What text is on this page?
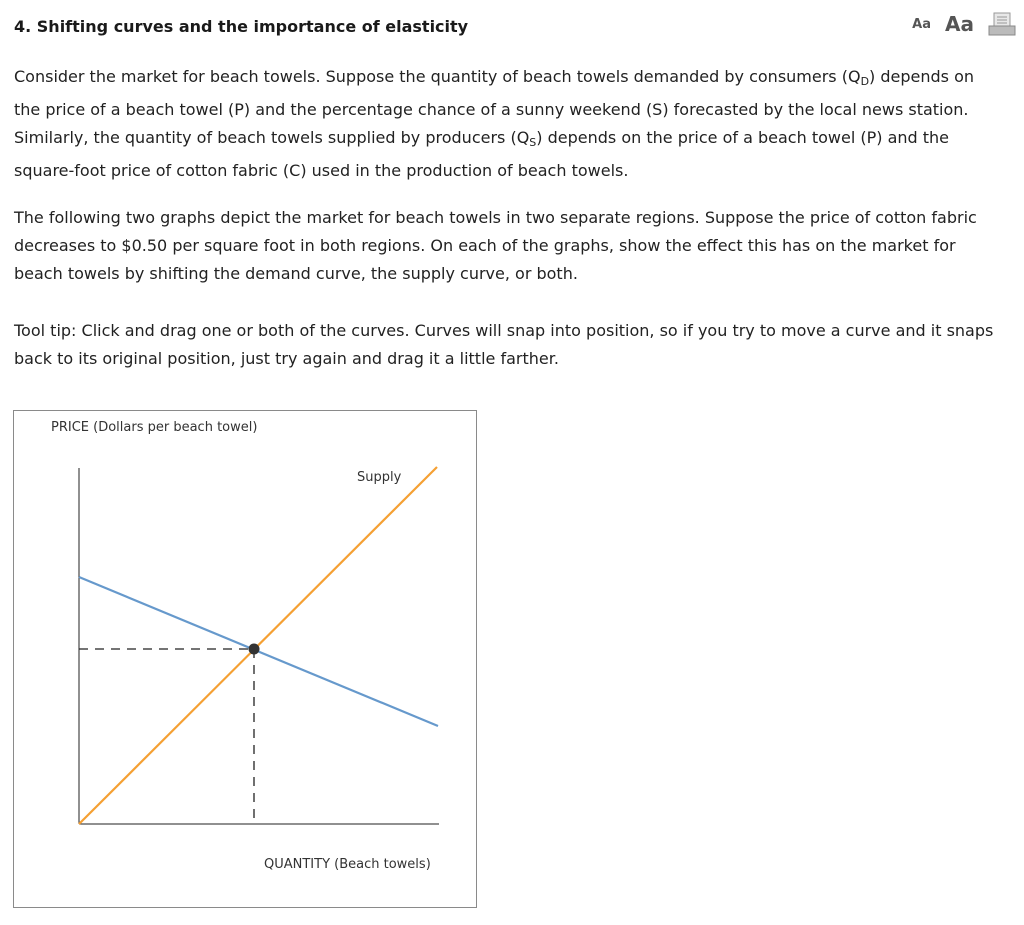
4. Shifting curves and the importance of elasticity	Aa Aa
Consider the market for beach towels. Suppose the quantity of beach towels demanded by consumers $(Q_D)$ depends on the price of a beach towel (P) and the percentage chance of a sunny weekend (S) forecasted by the local news station. Similarly, the quantity of beach towels supplied by producers $(Q_S)$ depends on the price of a beach towel (P) and the square-foot price of cotton fabric (C) used in the production of beach towels.
The following two graphs depict the market for beach towels in two separate regions. Suppose the price of cotton fabric decreases to $0.50 per square foot in both regions. On each of the graphs, show the effect this has on the market for beach towels by shifting the demand curve, the supply curve, or both.
Tool tip: Click and drag one or both of the curves. Curves will snap into position, so if you try to move a curve and it snaps back to its original position, just try again and drag it a little farther.
PRICE (Dollars per beach towel)
QUANTITY (Beach towels)
Supply
